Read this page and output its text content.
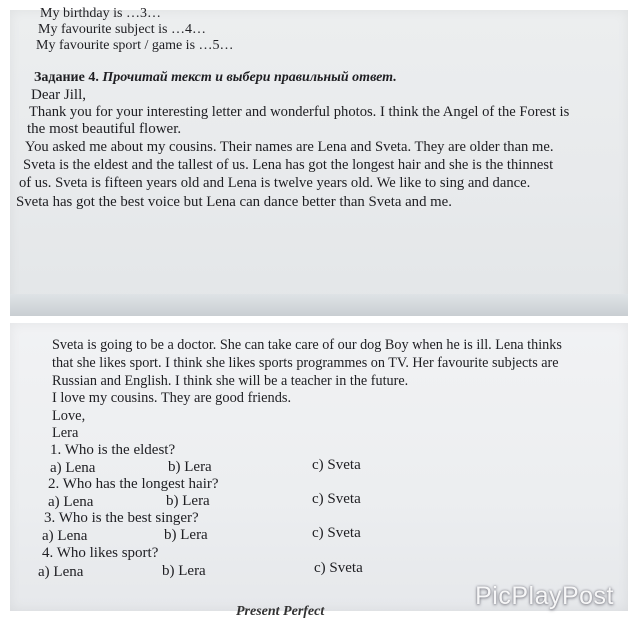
My birthday is …3…

My favourite subject is …4…

My favourite sport / game is …5…

Задание 4. Прочитай текст и выбери правильный ответ.

Dear Jill,

Thank you for your interesting letter and wonderful photos. I think the Angel of the Forest is

the most beautiful flower.

You asked me about my cousins. Their names are Lena and Sveta. They are older than me.

Sveta is the eldest and the tallest of us. Lena has got the longest hair and she is the thinnest

of us. Sveta is fifteen years old and Lena is twelve years old. We like to sing and dance.

Sveta has got the best voice but Lena can dance better than Sveta and me.

Sveta is going to be a doctor. She can take care of our dog Boy when he is ill. Lena thinks

that she likes sport. I think she likes sports programmes on TV. Her favourite subjects are

Russian and English. I think she will be a teacher in the future.

I love my cousins. They are good friends.

Love,

Lera

1. Who is the eldest?

a) Lena	b) Lera	c) Sveta

2. Who has the longest hair?

a) Lena	b) Lera	c) Sveta

3. Who is the best singer?

a) Lena	b) Lera	c) Sveta

4. Who likes sport?

a) Lena	b) Lera	c) Sveta

Present Perfect
PicPlayPost
